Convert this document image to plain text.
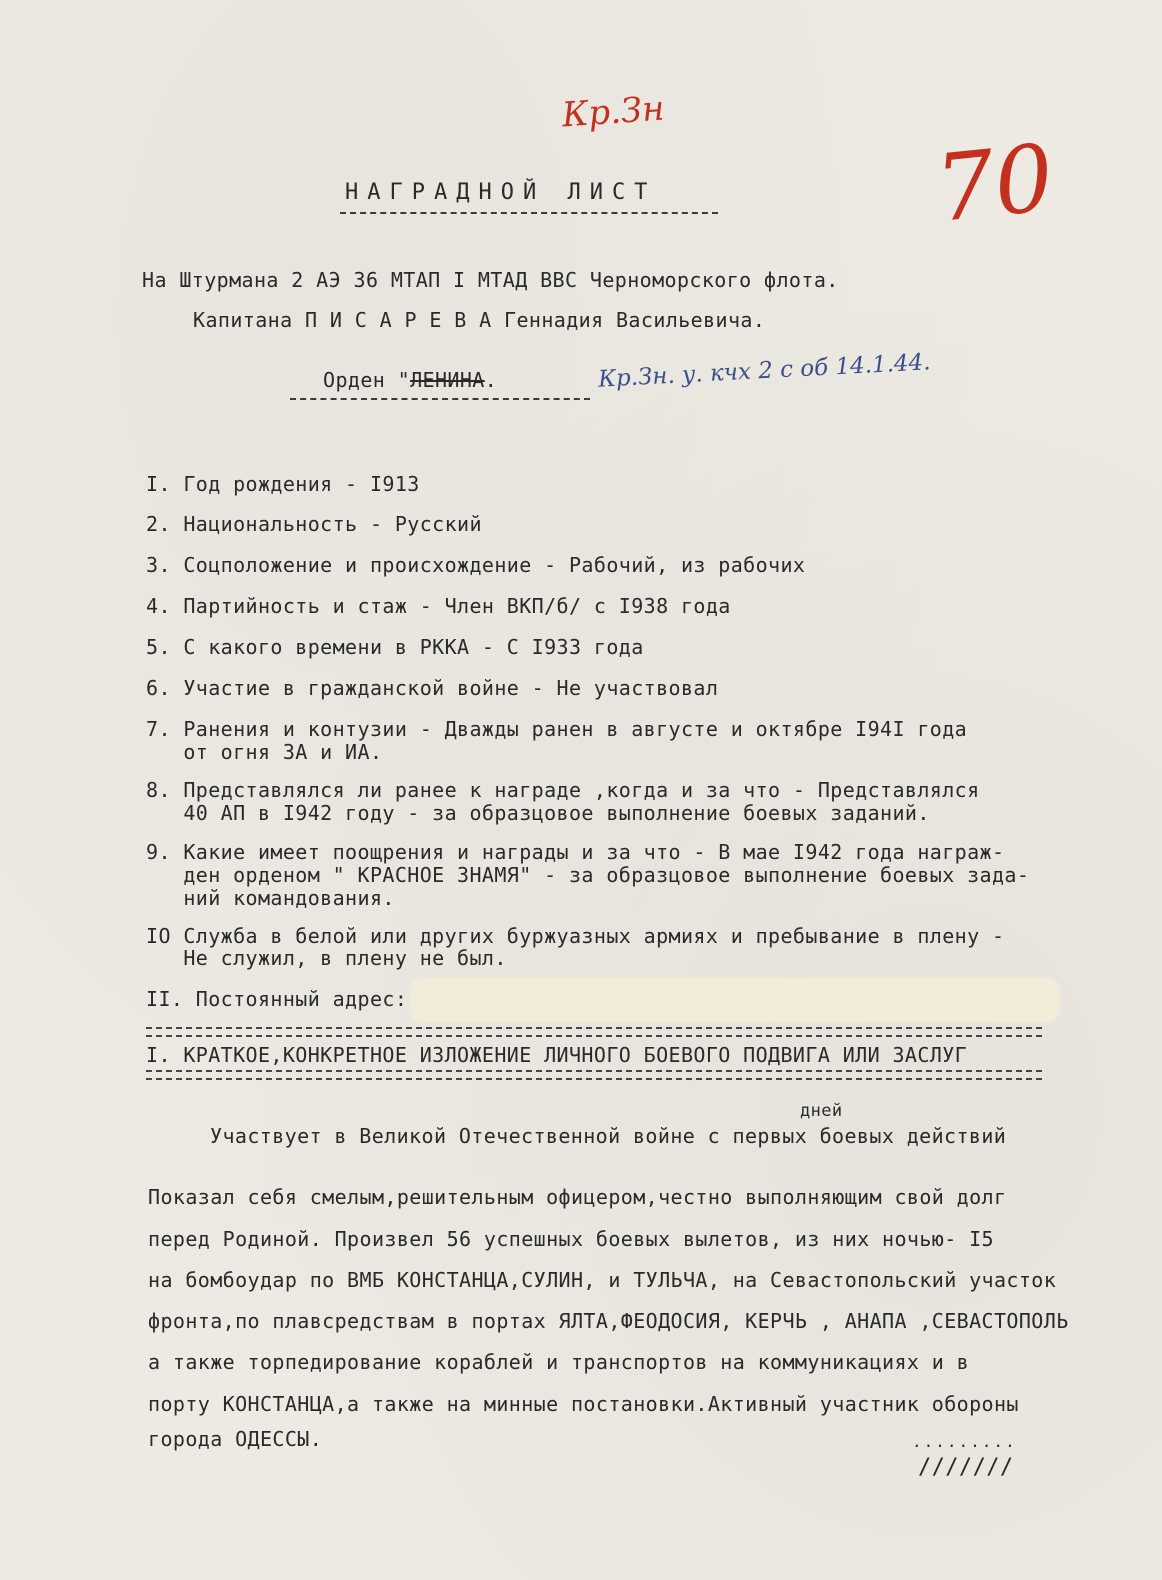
Кр.Зн
70
НАГРАДНОЙ ЛИСТ
На Штурмана 2 АЭ 36 МТАП I МТАД ВВС Черноморского флота.
Капитана П И С А Р Е В А Геннадия Васильевича.
Орден "ЛЕНИНА.	Кр.Зн. у. кчх 2 с об 14.1.44.
I. Год рождения - I913
2. Национальность - Русский
3. Соцположение и происхождение - Рабочий, из рабочих
4. Партийность и стаж - Член ВКП/б/ с I938 года
5. С какого времени в РККА - С I933 года
6. Участие в гражданской войне - Не участвовал
7. Ранения и контузии - Дважды ранен в августе и октябре I94I года
от огня ЗА и ИА.
8. Представлялся ли ранее к награде ,когда и за что - Представлялся
40 АП в I942 году - за образцовое выполнение боевых заданий.
9. Какие имеет поощрения и награды и за что - В мае I942 года награж-
ден орденом " КРАСНОЕ ЗНАМЯ" - за образцовое выполнение боевых зада-
ний командования.
IO Служба в белой или других буржуазных армиях и пребывание в плену -
Не служил, в плену не был.
II. Постоянный адрес:
I. КРАТКОЕ,КОНКРЕТНОЕ ИЗЛОЖЕНИЕ ЛИЧНОГО БОЕВОГО ПОДВИГА ИЛИ ЗАСЛУГ
дней
Участвует в Великой Отечественной войне с первых боевых действий
Показал себя смелым,решительным офицером,честно выполняющим свой долг
перед Родиной. Произвел 56 успешных боевых вылетов, из них ночью- I5
на бомбоудар по ВМБ КОНСТАНЦА,СУЛИН, и ТУЛЬЧА, на Севастопольский участок
фронта,по плавсредствам в портах ЯЛТА,ФЕОДОСИЯ, КЕРЧЬ , АНАПА ,СЕВАСТОПОЛЬ
а также торпедирование кораблей и транспортов на коммуникациях и в
порту КОНСТАНЦА,а также на минные постановки.Активный участник обороны
города ОДЕССЫ.	.........
///////
